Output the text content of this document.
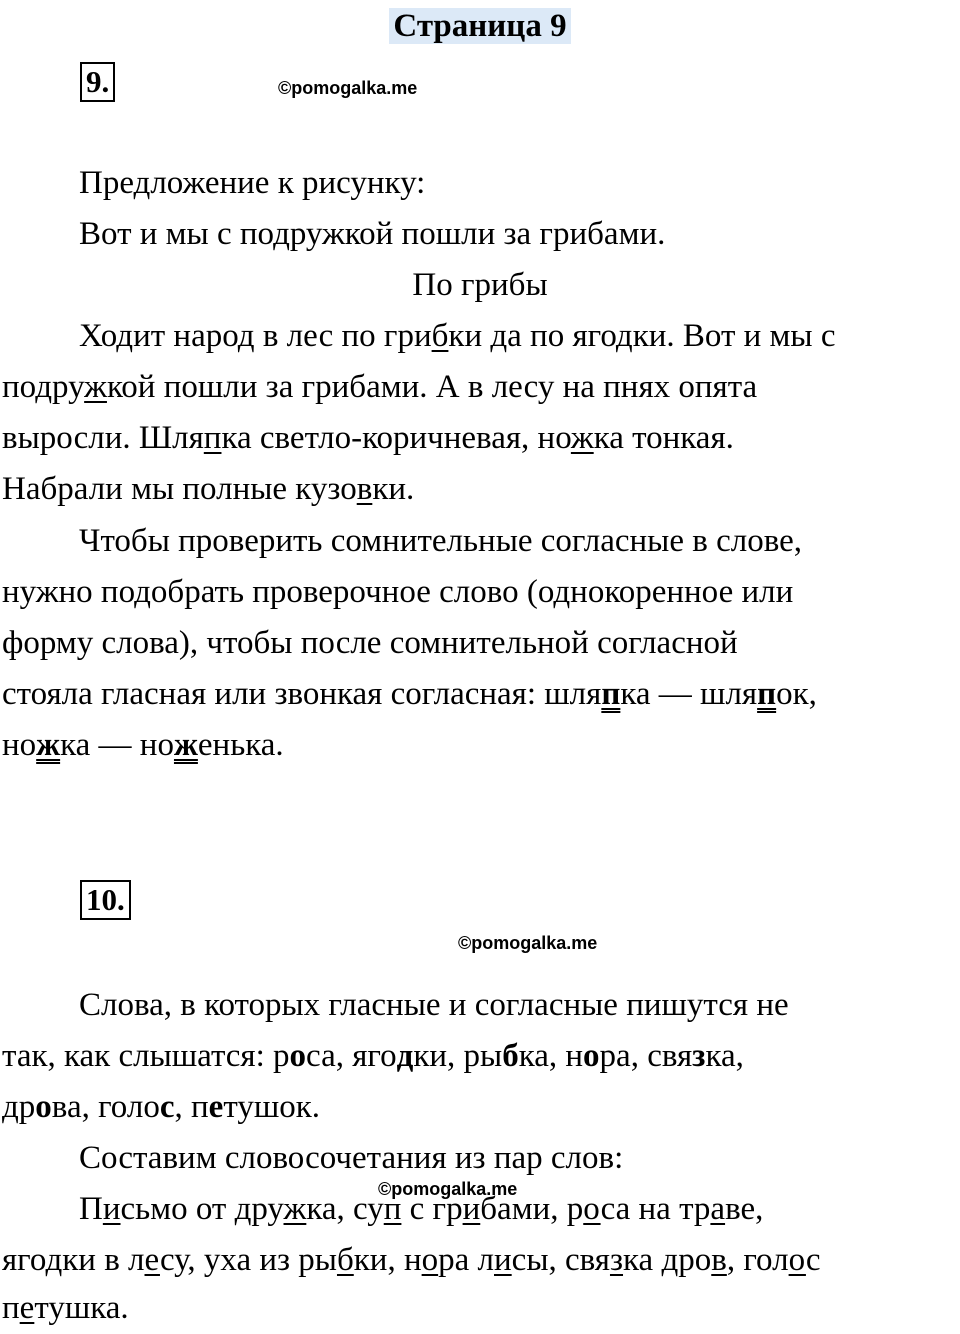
Страница 9
9.	©pomogalka.me
Предложение к рисунку:
Вот и мы с подружкой пошли за грибами.
По грибы
Ходит народ в лес по грибки да по ягодки. Вот и мы с
подружкой пошли за грибами. А в лесу на пнях опята
выросли. Шляпка светло-коричневая, ножка тонкая.
Набрали мы полные кузовки.
Чтобы проверить сомнительные согласные в слове,
нужно подобрать проверочное слово (однокоренное или
форму слова), чтобы после сомнительной согласной
стояла гласная или звонкая согласная: шляпка — шляпок,
ножка — ноженька.
10.
©pomogalka.me
Слова, в которых гласные и согласные пишутся не
так, как слышатся: роса, ягодки, рыбка, нора, связка,
дрова, голос, петушок.
Составим словосочетания из пар слов:
©pomogalka.me
Письмо от дружка, суп с грибами, роса на траве,
ягодки в лесу, уха из рыбки, нора лисы, связка дров, голос
петушка.
